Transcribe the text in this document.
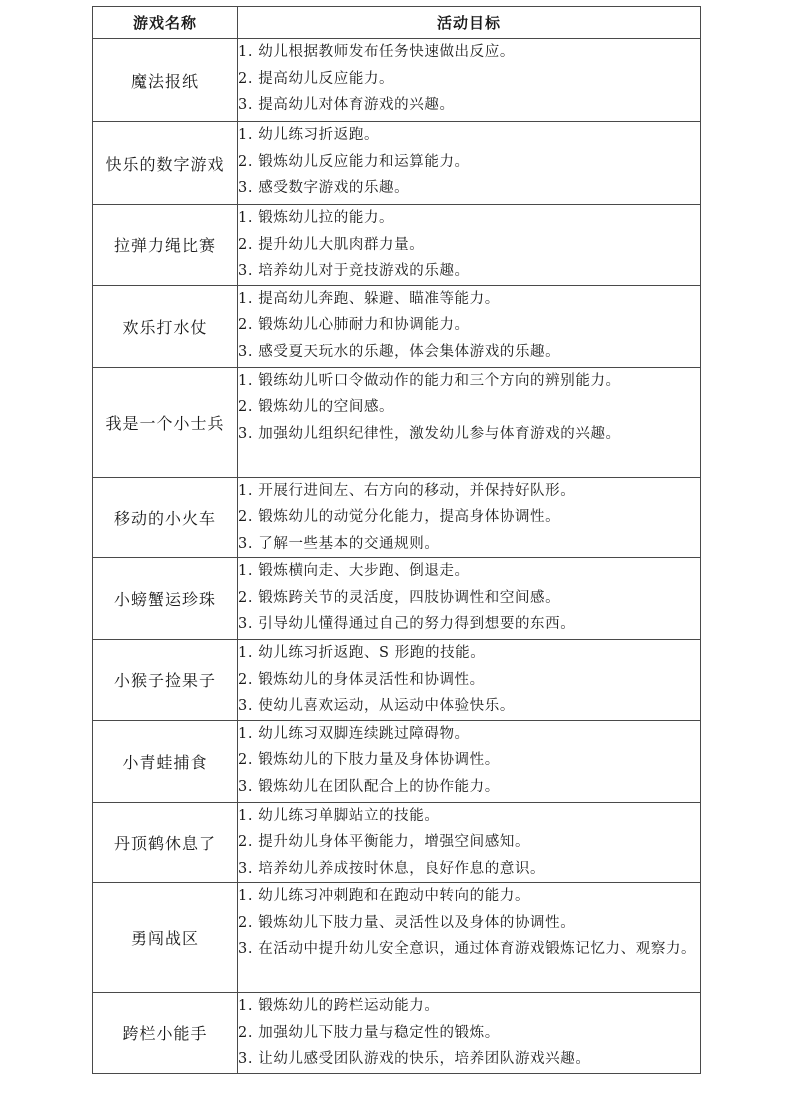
游戏名称	活动目标
魔法报纸	1. 幼儿根据教师发布任务快速做出反应。
2. 提高幼儿反应能力。
3. 提高幼儿对体育游戏的兴趣。

快乐的数字游戏	1. 幼儿练习折返跑。
2. 锻炼幼儿反应能力和运算能力。
3. 感受数字游戏的乐趣。

拉弹力绳比赛	1. 锻炼幼儿拉的能力。
2. 提升幼儿大肌肉群力量。
3. 培养幼儿对于竞技游戏的乐趣。

欢乐打水仗	1. 提高幼儿奔跑、躲避、瞄准等能力。
2. 锻炼幼儿心肺耐力和协调能力。
3. 感受夏天玩水的乐趣，体会集体游戏的乐趣。

我是一个小士兵	1. 锻练幼儿听口令做动作的能力和三个方向的辨别能力。
2. 锻炼幼儿的空间感。
3. 加强幼儿组织纪律性，激发幼儿参与体育游戏的兴趣。

移动的小火车	1. 开展行进间左、右方向的移动，并保持好队形。
2. 锻炼幼儿的动觉分化能力，提高身体协调性。
3. 了解一些基本的交通规则。

小螃蟹运珍珠	1. 锻炼横向走、大步跑、倒退走。
2. 锻炼跨关节的灵活度，四肢协调性和空间感。
3. 引导幼儿懂得通过自己的努力得到想要的东西。

小猴子捡果子	1. 幼儿练习折返跑、S 形跑的技能。
2. 锻炼幼儿的身体灵活性和协调性。
3. 使幼儿喜欢运动，从运动中体验快乐。

小青蛙捕食	1. 幼儿练习双脚连续跳过障碍物。
2. 锻炼幼儿的下肢力量及身体协调性。
3. 锻炼幼儿在团队配合上的协作能力。

丹顶鹤休息了	1. 幼儿练习单脚站立的技能。
2. 提升幼儿身体平衡能力，增强空间感知。
3. 培养幼儿养成按时休息，良好作息的意识。

勇闯战区	1. 幼儿练习冲刺跑和在跑动中转向的能力。
2. 锻炼幼儿下肢力量、灵活性以及身体的协调性。
3. 在活动中提升幼儿安全意识，通过体育游戏锻炼记忆力、观察力。

跨栏小能手	1. 锻炼幼儿的跨栏运动能力。
2. 加强幼儿下肢力量与稳定性的锻炼。
3. 让幼儿感受团队游戏的快乐，培养团队游戏兴趣。
